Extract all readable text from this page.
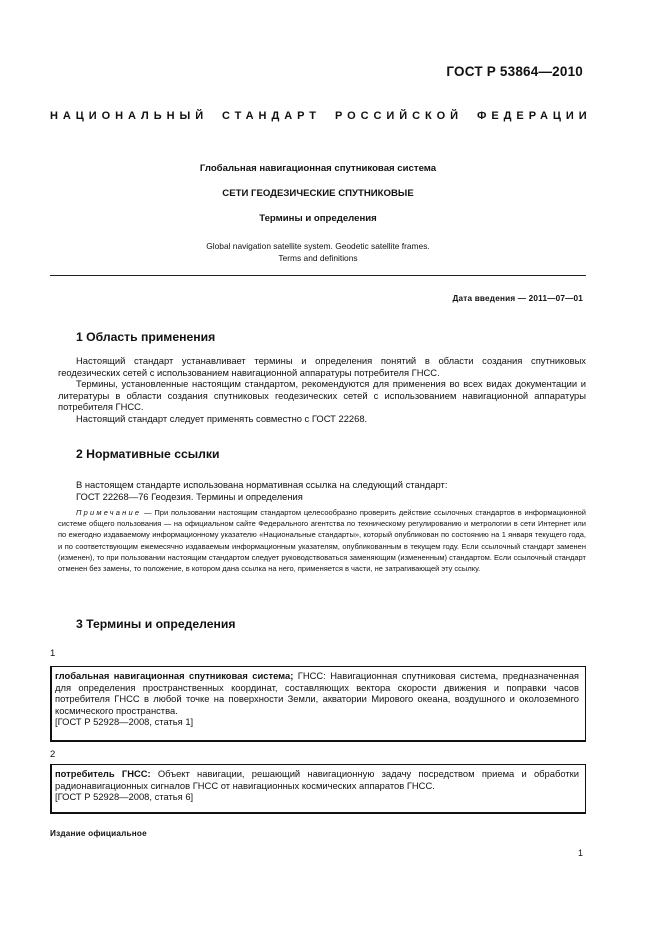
ГОСТ Р 53864—2010
НАЦИОНАЛЬНЫЙ СТАНДАРТ РОССИЙСКОЙ ФЕДЕРАЦИИ
Глобальная навигационная спутниковая система
СЕТИ ГЕОДЕЗИЧЕСКИЕ СПУТНИКОВЫЕ
Термины и определения
Global navigation satellite system. Geodetic satellite frames.
Terms and definitions
Дата введения — 2011—07—01
1 Область применения

Настоящий стандарт устанавливает термины и определения понятий в области создания спутниковых геодезических сетей с использованием навигационной аппаратуры потребителя ГНСС.

Термины, установленные настоящим стандартом, рекомендуются для применения во всех видах документации и литературы в области создания спутниковых геодезических сетей с использованием навигационной аппаратуры потребителя ГНСС.

Настоящий стандарт следует применять совместно с ГОСТ 22268.

2 Нормативные ссылки

В настоящем стандарте использована нормативная ссылка на следующий стандарт:

ГОСТ 22268—76 Геодезия. Термины и определения

Примечание — При пользовании настоящим стандартом целесообразно проверить действие ссылочных стандартов в информационной системе общего пользования — на официальном сайте Федерального агентства по техническому регулированию и метрологии в сети Интернет или по ежегодно издаваемому информационному указателю «Национальные стандарты», который опубликован по состоянию на 1 января текущего года, и по соответствующим ежемесячно издаваемым информационным указателям, опубликованным в текущем году. Если ссылочный стандарт заменен (изменен), то при пользовании настоящим стандартом следует руководствоваться заменяющим (измененным) стандартом. Если ссылочный стандарт отменен без замены, то положение, в котором дана ссылка на него, применяется в части, не затрагивающей эту ссылку.

3 Термины и определения
1
глобальная навигационная спутниковая система; ГНСС: Навигационная спутниковая система, предназначенная для определения пространственных координат, составляющих вектора скорости движения и поправки часов потребителя ГНСС в любой точке на поверхности Земли, акватории Мирового океана, воздушного и околоземного космического пространства.
[ГОСТ Р 52928—2008, статья 1]
2
потребитель ГНСС: Объект навигации, решающий навигационную задачу посредством приема и обработки радионавигационных сигналов ГНСС от навигационных космических аппаратов ГНСС.
[ГОСТ Р 52928—2008, статья 6]
Издание официальное
1
